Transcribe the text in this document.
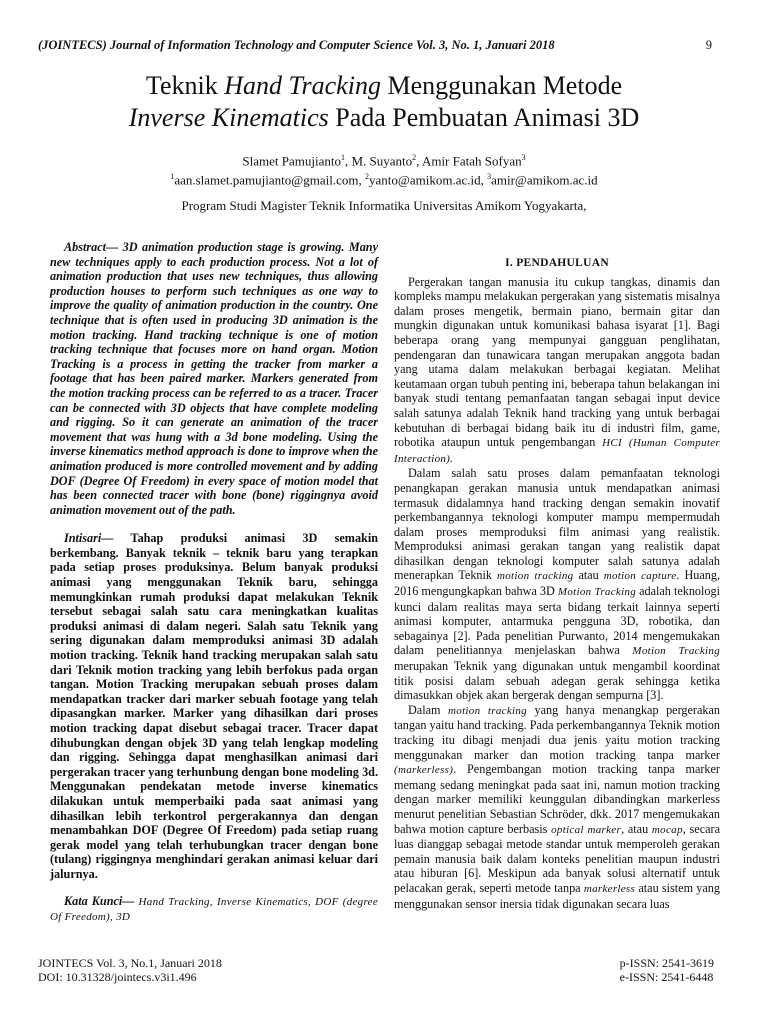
(JOINTECS) Journal of Information Technology and Computer Science Vol. 3, No. 1, Januari 2018	9
Teknik Hand Tracking Menggunakan Metode
Inverse Kinematics Pada Pembuatan Animasi 3D
Slamet Pamujianto$^1$, M. Suyanto$^2$, Amir Fatah Sofyan$^3$
$^1$aan.slamet.pamujianto@gmail.com, $^2$yanto@amikom.ac.id, $^3$amir@amikom.ac.id
Program Studi Magister Teknik Informatika Universitas Amikom Yogyakarta,

Abstract— 3D animation production stage is growing. Many new techniques apply to each production process. Not a lot of animation production that uses new techniques, thus allowing production houses to perform such techniques as one way to improve the quality of animation production in the country. One technique that is often used in producing 3D animation is the motion tracking. Hand tracking technique is one of motion tracking technique that focuses more on hand organ. Motion Tracking is a process in getting the tracker from marker a footage that has been paired marker. Markers generated from the motion tracking process can be referred to as a tracer. Tracer can be connected with 3D objects that have complete modeling and rigging. So it can generate an animation of the tracer movement that was hung with a 3d bone modeling. Using the inverse kinematics method approach is done to improve when the animation produced is more controlled movement and by adding DOF (Degree Of Freedom) in every space of motion model that has been connected tracer with bone (bone) riggingnya avoid animation movement out of the path.

Intisari— Tahap produksi animasi 3D semakin berkembang. Banyak teknik – teknik baru yang terapkan pada setiap proses produksinya. Belum banyak produksi animasi yang menggunakan Teknik baru, sehingga memungkinkan rumah produksi dapat melakukan Teknik tersebut sebagai salah satu cara meningkatkan kualitas produksi animasi di dalam negeri. Salah satu Teknik yang sering digunakan dalam memproduksi animasi 3D adalah motion tracking. Teknik hand tracking merupakan salah satu dari Teknik motion tracking yang lebih berfokus pada organ tangan. Motion Tracking merupakan sebuah proses dalam mendapatkan tracker dari marker sebuah footage yang telah dipasangkan marker. Marker yang dihasilkan dari proses motion tracking dapat disebut sebagai tracer. Tracer dapat dihubungkan dengan objek 3D yang telah lengkap modeling dan rigging. Sehingga dapat menghasilkan animasi dari pergerakan tracer yang terhunbung dengan bone modeling 3d. Menggunakan pendekatan metode inverse kinematics dilakukan untuk memperbaiki pada saat animasi yang dihasilkan lebih terkontrol pergerakannya dan dengan menambahkan DOF (Degree Of Freedom) pada setiap ruang gerak model yang telah terhubungkan tracer dengan bone (tulang) riggingnya menghindari gerakan animasi keluar dari jalurnya.

Kata Kunci— Hand Tracking, Inverse Kinematics, DOF (degree Of Freedom), 3D

I. PENDAHULUAN

Pergerakan tangan manusia itu cukup tangkas, dinamis dan kompleks mampu melakukan pergerakan yang sistematis misalnya dalam proses mengetik, bermain piano, bermain gitar dan mungkin digunakan untuk komunikasi bahasa isyarat [1]. Bagi beberapa orang yang mempunyai gangguan penglihatan, pendengaran dan tunawicara tangan merupakan anggota badan yang utama dalam melakukan berbagai kegiatan. Melihat keutamaan organ tubuh penting ini, beberapa tahun belakangan ini banyak studi tentang pemanfaatan tangan sebagai input device salah satunya adalah Teknik hand tracking yang untuk berbagai kebutuhan di berbagai bidang baik itu di industri film, game, robotika ataupun untuk pengembangan HCI (Human Computer Interaction).

Dalam salah satu proses dalam pemanfaatan teknologi penangkapan gerakan manusia untuk mendapatkan animasi termasuk didalamnya hand tracking dengan semakin inovatif perkembangannya teknologi komputer mampu mempermudah dalam proses memproduksi film animasi yang realistik. Memproduksi animasi gerakan tangan yang realistik dapat dihasilkan dengan teknologi komputer salah satunya adalah menerapkan Teknik motion tracking atau motion capture. Huang, 2016 mengungkapkan bahwa 3D Motion Tracking adalah teknologi kunci dalam realitas maya serta bidang terkait lainnya seperti animasi komputer, antarmuka pengguna 3D, robotika, dan sebagainya [2]. Pada penelitian Purwanto, 2014 mengemukakan dalam penelitiannya menjelaskan bahwa Motion Tracking merupakan Teknik yang digunakan untuk mengambil koordinat titik posisi dalam sebuah adegan gerak sehingga ketika dimasukkan objek akan bergerak dengan sempurna [3].

Dalam motion tracking yang hanya menangkap pergerakan tangan yaitu hand tracking. Pada perkembangannya Teknik motion tracking itu dibagi menjadi dua jenis yaitu motion tracking menggunakan marker dan motion tracking tanpa marker (markerless). Pengembangan motion tracking tanpa marker memang sedang meningkat pada saat ini, namun motion tracking dengan marker memiliki keunggulan dibandingkan markerless menurut penelitian Sebastian Schröder, dkk. 2017 mengemukakan bahwa motion capture berbasis optical marker, atau mocap, secara luas dianggap sebagai metode standar untuk memperoleh gerakan pemain manusia baik dalam konteks penelitian maupun industri atau hiburan [6]. Meskipun ada banyak solusi alternatif untuk pelacakan gerak, seperti metode tanpa markerless atau sistem yang menggunakan sensor inersia tidak digunakan secara luas

JOINTECS Vol. 3, No.1, Januari 2018
DOI: 10.31328/jointecs.v3i1.496
p-ISSN: 2541-3619
e-ISSN: 2541-6448
